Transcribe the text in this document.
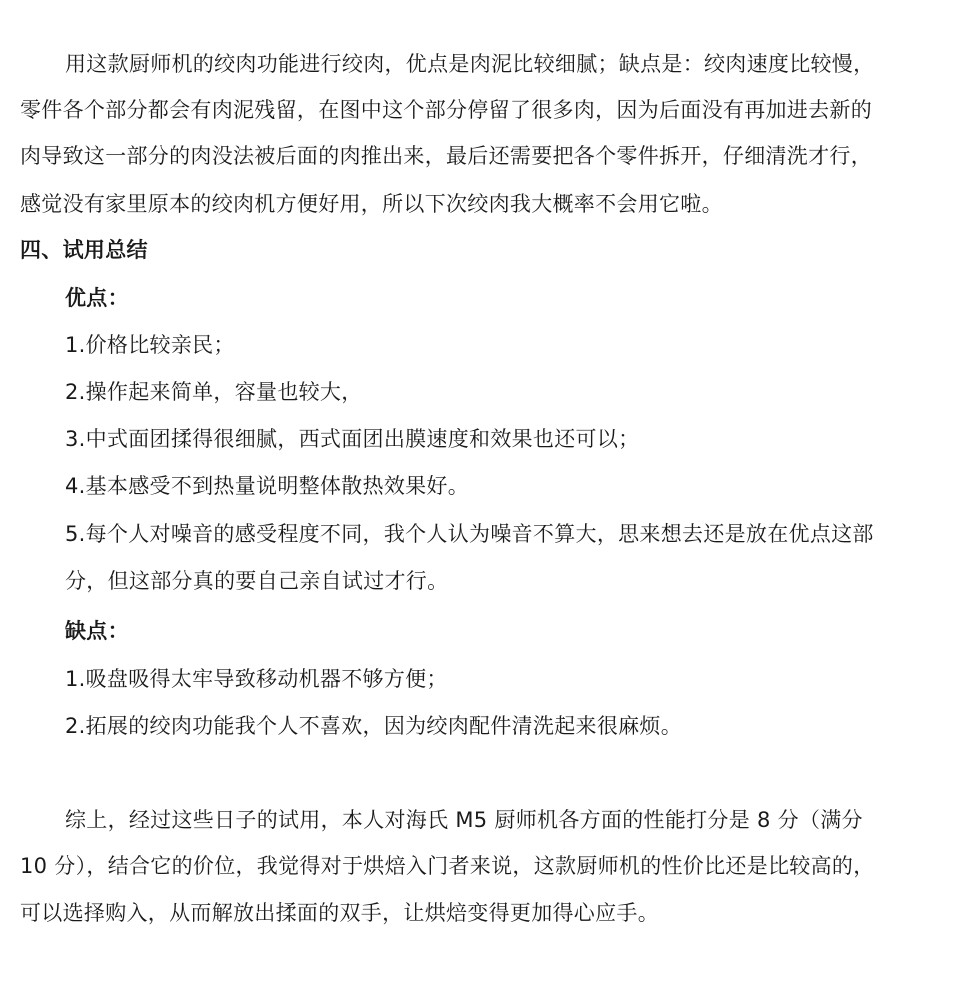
用这款厨师机的绞肉功能进行绞肉，优点是肉泥比较细腻；缺点是：绞肉速度比较慢，
零件各个部分都会有肉泥残留，在图中这个部分停留了很多肉，因为后面没有再加进去新的
肉导致这一部分的肉没法被后面的肉推出来，最后还需要把各个零件拆开，仔细清洗才行，
感觉没有家里原本的绞肉机方便好用，所以下次绞肉我大概率不会用它啦。
四、试用总结
优点：
1.价格比较亲民；
2.操作起来简单，容量也较大，
3.中式面团揉得很细腻，西式面团出膜速度和效果也还可以；
4.基本感受不到热量说明整体散热效果好。
5.每个人对噪音的感受程度不同，我个人认为噪音不算大，思来想去还是放在优点这部
分，但这部分真的要自己亲自试过才行。
缺点：
1.吸盘吸得太牢导致移动机器不够方便；
2.拓展的绞肉功能我个人不喜欢，因为绞肉配件清洗起来很麻烦。
综上，经过这些日子的试用，本人对海氏 M5 厨师机各方面的性能打分是 8 分（满分
10 分），结合它的价位，我觉得对于烘焙入门者来说，这款厨师机的性价比还是比较高的，
可以选择购入，从而解放出揉面的双手，让烘焙变得更加得心应手。
